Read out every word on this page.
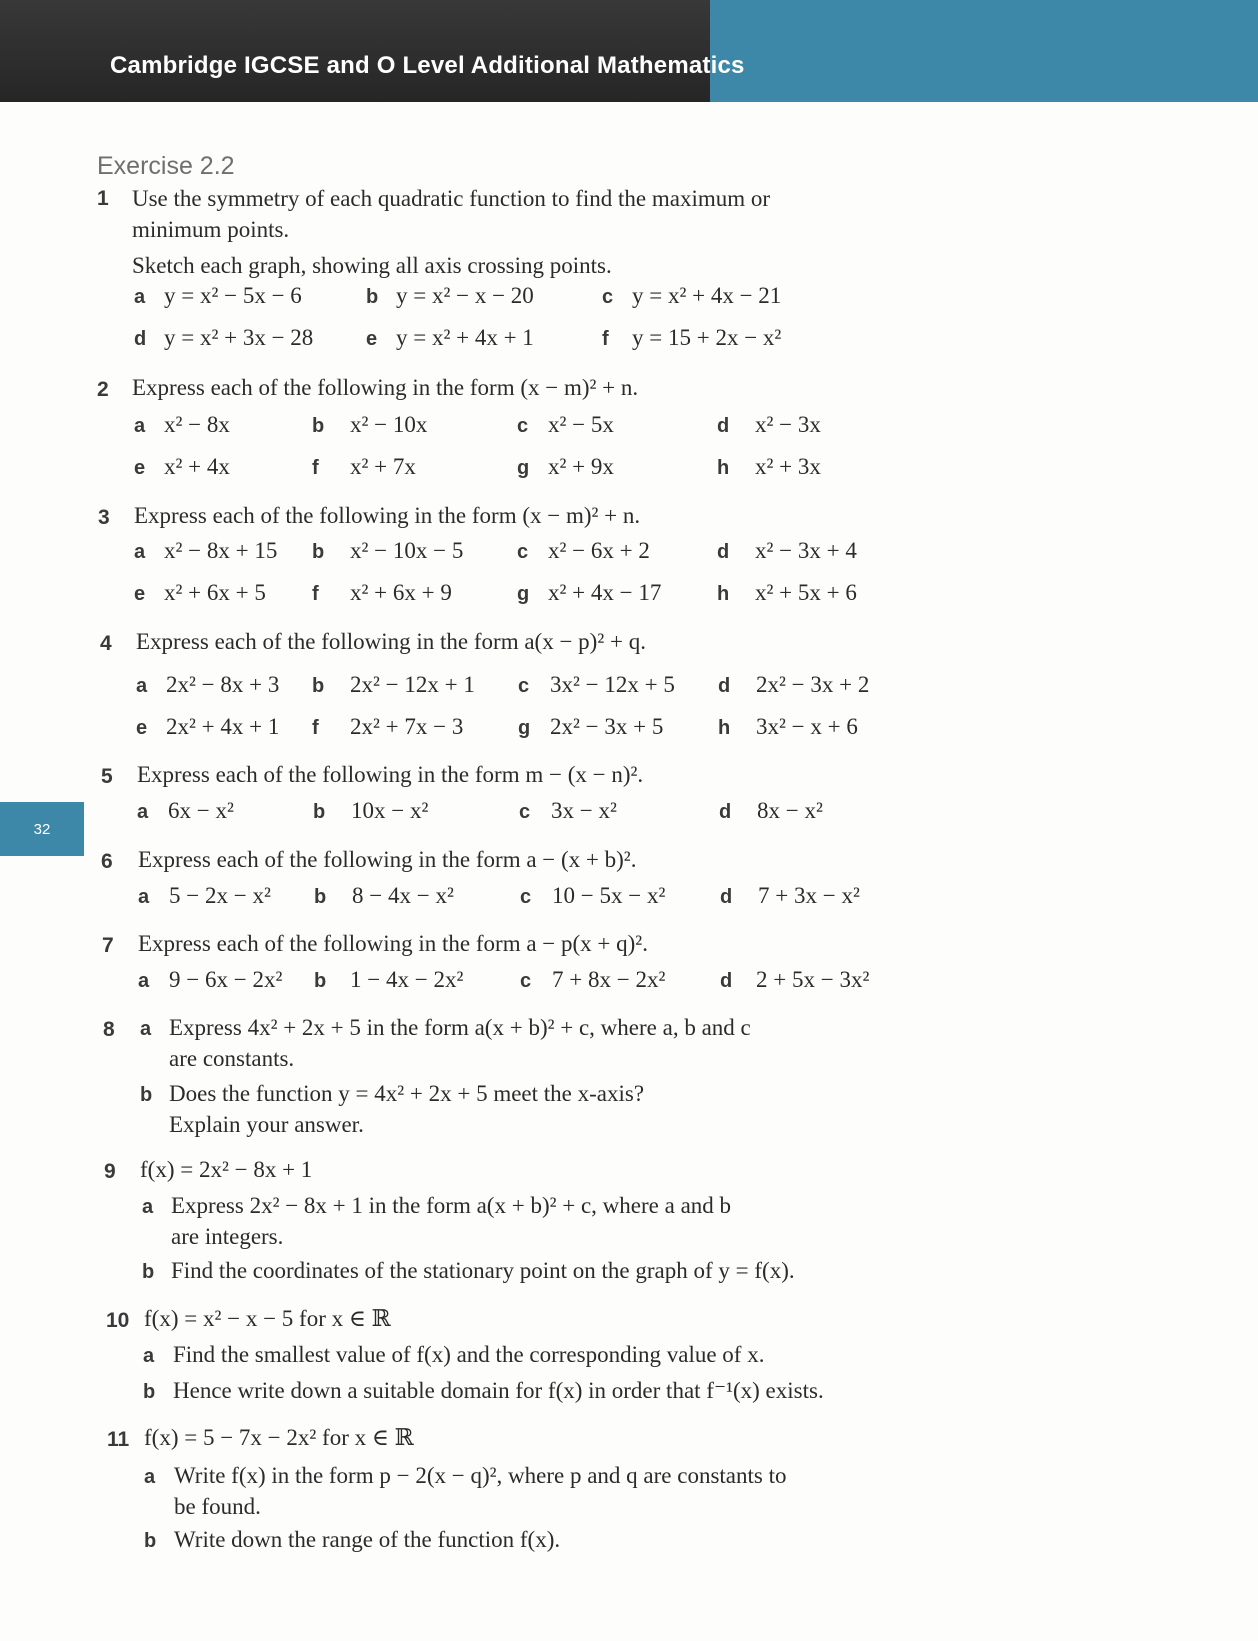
Cambridge IGCSE and O Level Additional Mathematics
32
Exercise 2.2
1 Use the symmetry of each quadratic function to find the maximum or
minimum points.
Sketch each graph, showing all axis crossing points.
a y = x² − 5x − 6	b y = x² − x − 20	c y = x² + 4x − 21
d y = x² + 3x − 28	e y = x² + 4x + 1	f y = 15 + 2x − x²
2 Express each of the following in the form (x − m)² + n.
a x² − 8x	b x² − 10x	c x² − 5x	d x² − 3x
e x² + 4x	f x² + 7x	g x² + 9x	h x² + 3x
3 Express each of the following in the form (x − m)² + n.
a x² − 8x + 15 b x² − 10x − 5	c x² − 6x + 2	d x² − 3x + 4
e x² + 6x + 5 f x² + 6x + 9	g x² + 4x − 17	h x² + 5x + 6
4 Express each of the following in the form a(x − p)² + q.
a 2x² − 8x + 3 b 2x² − 12x + 1 c 3x² − 12x + 5 d 2x² − 3x + 2
e 2x² + 4x + 1 f 2x² + 7x − 3	g 2x² − 3x + 5	h 3x² − x + 6
5 Express each of the following in the form m − (x − n)².
a 6x − x²	b 10x − x²	c 3x − x²	d 8x − x²
6 Express each of the following in the form a − (x + b)².
a 5 − 2x − x² b 8 − 4x − x²	c 10 − 5x − x²	d 7 + 3x − x²
7 Express each of the following in the form a − p(x + q)².
a 9 − 6x − 2x² b 1 − 4x − 2x²	c 7 + 8x − 2x²	d 2 + 5x − 3x²
8 a Express 4x² + 2x + 5 in the form a(x + b)² + c, where a, b and c
are constants.
b Does the function y = 4x² + 2x + 5 meet the x-axis?
Explain your answer.
9 f(x) = 2x² − 8x + 1
a Express 2x² − 8x + 1 in the form a(x + b)² + c, where a and b
are integers.
b Find the coordinates of the stationary point on the graph of y = f(x).
10 f(x) = x² − x − 5 for x ∈ ℝ
a Find the smallest value of f(x) and the corresponding value of x.
b Hence write down a suitable domain for f(x) in order that f⁻¹(x) exists.
11 f(x) = 5 − 7x − 2x² for x ∈ ℝ
a Write f(x) in the form p − 2(x − q)², where p and q are constants to
be found.
b Write down the range of the function f(x).
